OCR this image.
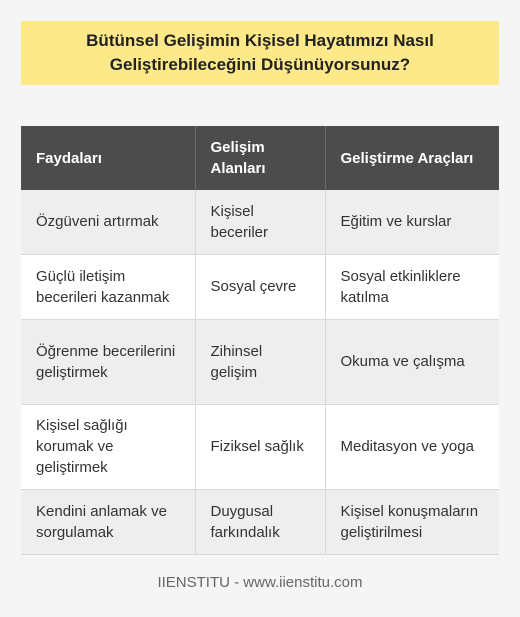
Bütünsel Gelişimin Kişisel Hayatımızı Nasıl
Geliştirebileceğini Düşünüyorsunuz?
Faydaları	Gelişim Alanları	Geliştirme Araçları
Özgüveni artırmak	Kişisel beceriler	Eğitim ve kurslar
Güçlü iletişim becerileri kazanmak	Sosyal çevre	Sosyal etkinliklere katılma
Öğrenme becerilerini geliştirmek	Zihinsel gelişim	Okuma ve çalışma
Kişisel sağlığı korumak ve geliştirmek	Fiziksel sağlık	Meditasyon ve yoga
Kendini anlamak ve sorgulamak	Duygusal farkındalık	Kişisel konuşmaların geliştirilmesi
IIENSTITU - www.iienstitu.com
